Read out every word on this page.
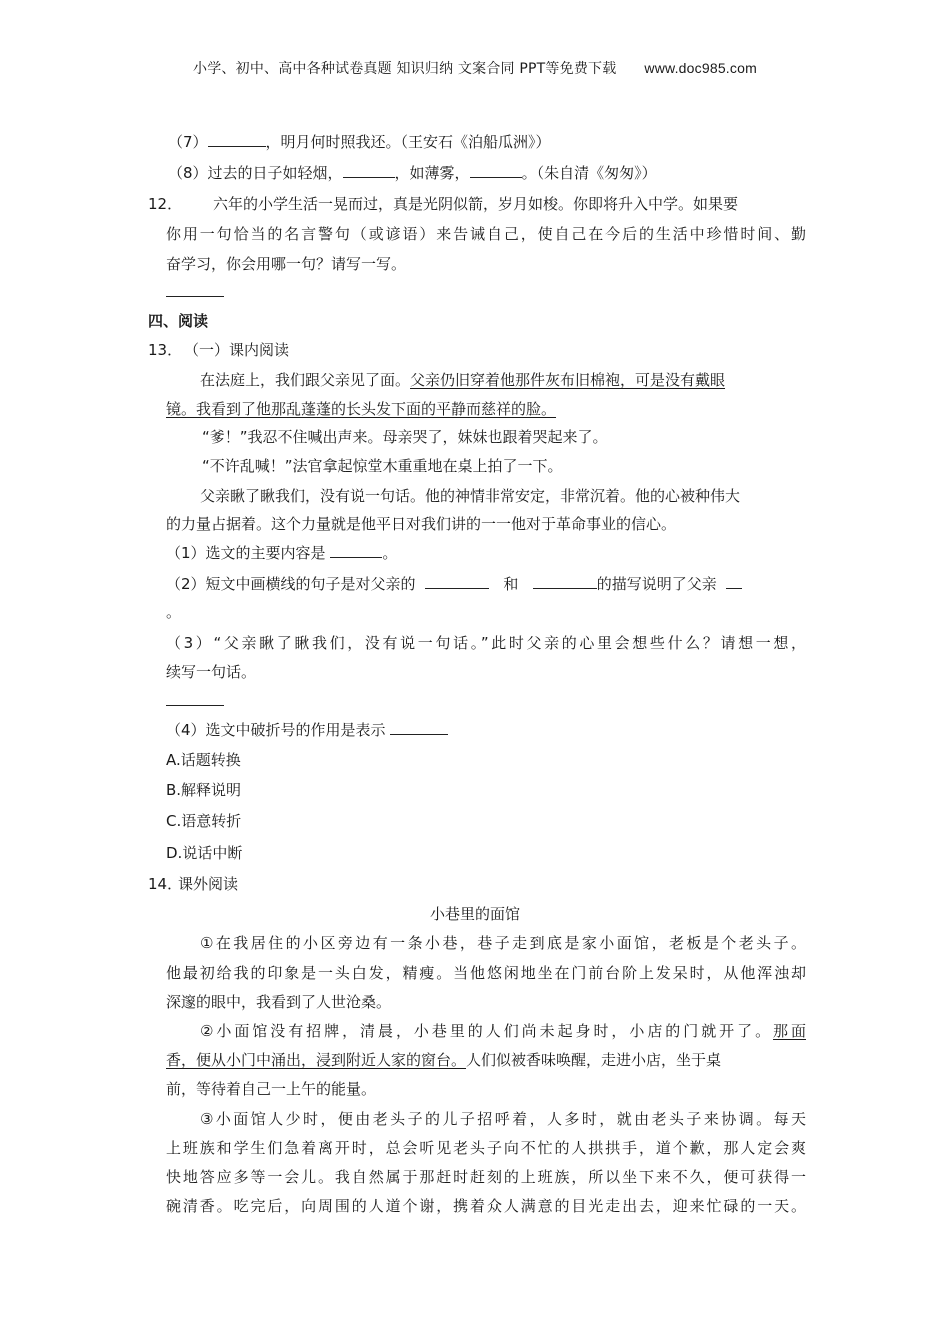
小学、初中、高中各种试卷真题 知识归纳 文案合同 PPT等免费下载 www.doc985.com
（7）	，明月何时照我还。（王安石《泊船瓜洲》）
（8）过去的日子如轻烟，	，如薄雾，	。（朱自清《匆匆》）
12． 六年的小学生活一晃而过，真是光阴似箭，岁月如梭。你即将升入中学。如果要
你用一句恰当的名言警句（或谚语）来告诫自己，使自己在今后的生活中珍惜时间、勤
奋学习，你会用哪一句？请写一写。
四、阅读
13． （一）课内阅读
在法庭上，我们跟父亲见了面。父亲仍旧穿着他那件灰布旧棉袍，可是没有戴眼
镜。我看到了他那乱蓬蓬的长头发下面的平静而慈祥的脸。
“爹！”我忍不住喊出声来。母亲哭了，妹妹也跟着哭起来了。
“不许乱喊！”法官拿起惊堂木重重地在桌上拍了一下。
父亲瞅了瞅我们，没有说一句话。他的神情非常安定，非常沉着。他的心被种伟大
的力量占据着。这个力量就是他平日对我们讲的一一他对于革命事业的信心。
（1）选文的主要内容是	。
（2）短文中画横线的句子是对父亲的	和	的描写说明了父亲
。
（3）“父亲瞅了瞅我们，没有说一句话。”此时父亲的心里会想些什么？请想一想，
续写一句话。
（4）选文中破折号的作用是表示
A.话题转换
B.解释说明
C.语意转折
D.说话中断
14．
课外阅读
小巷里的面馆
①在我居住的小区旁边有一条小巷，巷子走到底是家小面馆，老板是个老头子。
他最初给我的印象是一头白发，精瘦。当他悠闲地坐在门前台阶上发呆时，从他浑浊却
深邃的眼中，我看到了人世沧桑。
②小面馆没有招牌，清晨，小巷里的人们尚未起身时，小店的门就开了。那面
香，便从小门中涌出，浸到附近人家的窗台。人们似被香味唤醒，走进小店，坐于桌
前，等待着自己一上午的能量。
③小面馆人少时，便由老头子的儿子招呼着，人多时，就由老头子来协调。每天
上班族和学生们急着离开时，总会听见老头子向不忙的人拱拱手，道个歉，那人定会爽
快地答应多等一会儿。我自然属于那赶时赶刻的上班族，所以坐下来不久，便可获得一
碗清香。吃完后，向周围的人道个谢，携着众人满意的目光走出去，迎来忙碌的一天。
